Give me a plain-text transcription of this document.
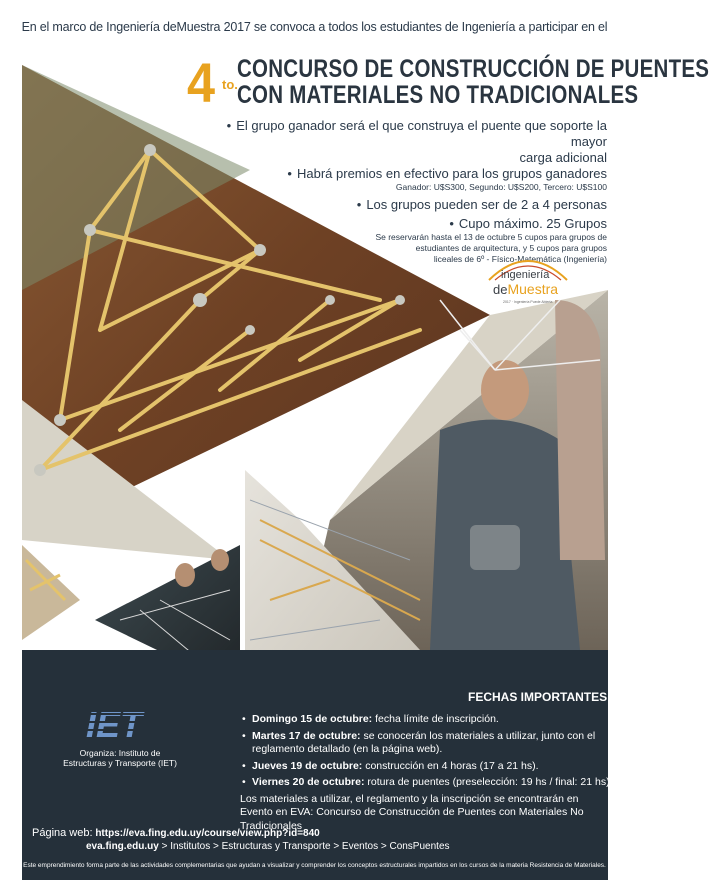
En el marco de Ingeniería deMuestra 2017 se convoca a todos los estudiantes de Ingeniería a participar en el
4 to.
CONCURSO DE CONSTRUCCIÓN DE PUENTES
CON MATERIALES NO TRADICIONALES
• El grupo ganador será el que construya el puente que soporte la mayor
carga adicional
• Habrá premios en efectivo para los grupos ganadores
Ganador: U$S300, Segundo: U$S200, Tercero: U$S100
• Los grupos pueden ser de 2 a 4 personas
• Cupo máximo. 25 Grupos
Se reservarán hasta el 13 de octubre 5 cupos para grupos de
estudiantes de arquitectura, y 5 cupos para grupos
liceales de 6º - Físico-Matemática (Ingeniería)
ingeniería
deMuestra
2017 · Ingeniería Puede Abierta
FECHAS IMPORTANTES
• Domingo 15 de octubre: fecha límite de inscripción.
• Martes 17 de octubre: se conocerán los materiales a utilizar, junto con el reglamento detallado (en la página web).
• Jueves 19 de octubre: construcción en 4 horas (17 a 21 hs).
• Viernes 20 de octubre: rotura de puentes (preselección: 19 hs / final: 21 hs)
Los materiales a utilizar, el reglamento y la inscripción se encontrarán en Evento en EVA: Concurso de Construcción de Puentes con Materiales No Tradicionales
IET
Organiza: Instituto de
Estructuras y Transporte (IET)
Página web: https://eva.fing.edu.uy/course/view.php?id=840
eva.fing.edu.uy > Institutos > Estructuras y Transporte > Eventos > ConsPuentes
Este emprendimiento forma parte de las actividades complementarias que ayudan a visualizar y comprender los conceptos estructurales impartidos en los cursos de la materia Resistencia de Materiales.
